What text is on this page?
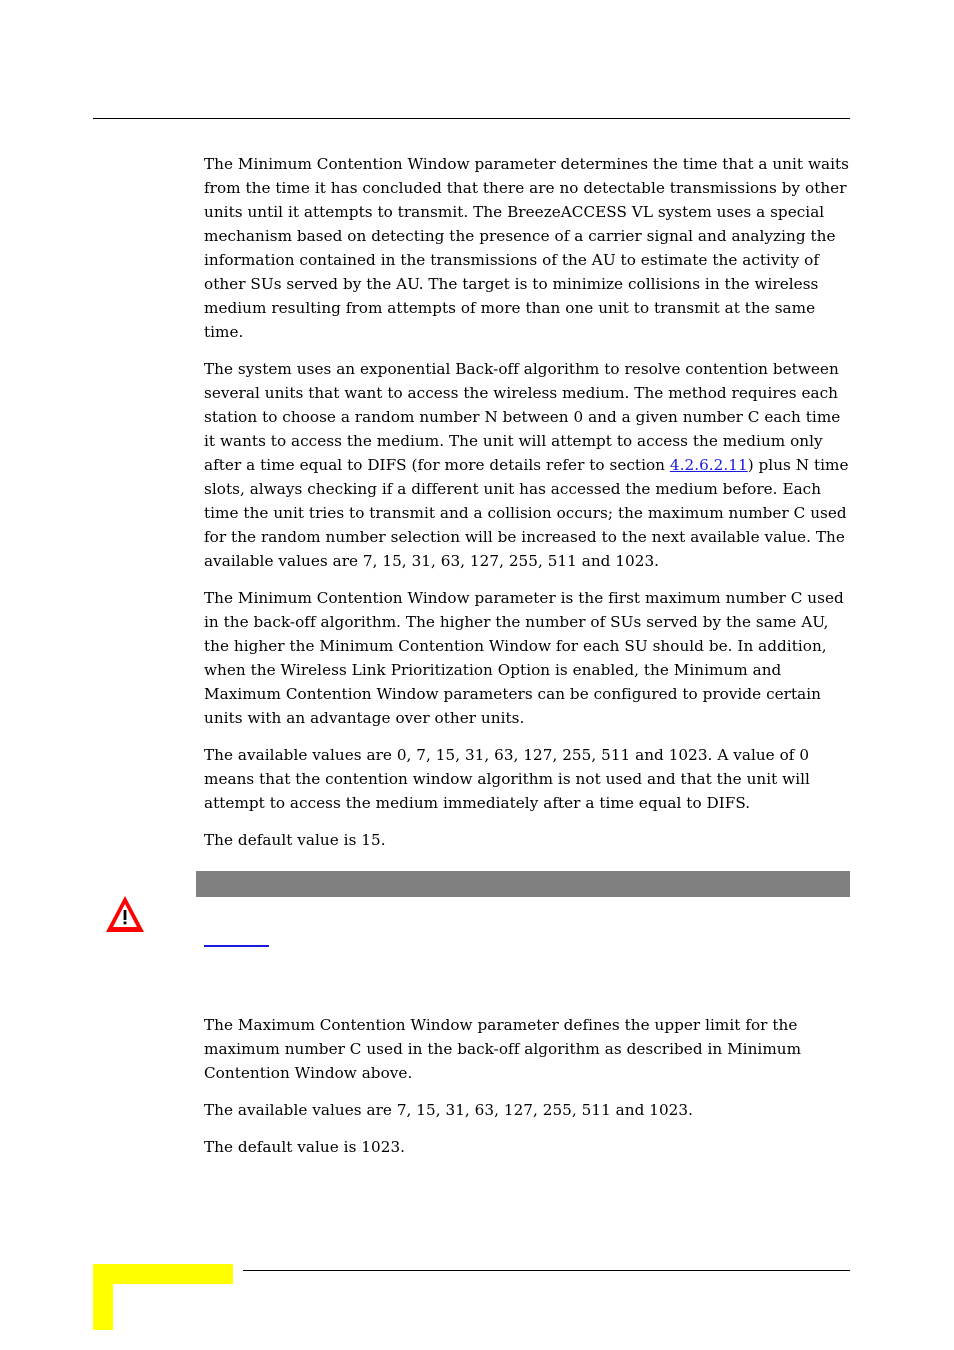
The Minimum Contention Window parameter determines the time that a unit waits from the time it has concluded that there are no detectable transmissions by other units until it attempts to transmit. The BreezeACCESS VL system uses a special mechanism based on detecting the presence of a carrier signal and analyzing the information contained in the transmissions of the AU to estimate the activity of other SUs served by the AU. The target is to minimize collisions in the wireless medium resulting from attempts of more than one unit to transmit at the same time.

The system uses an exponential Back-off algorithm to resolve contention between several units that want to access the wireless medium. The method requires each station to choose a random number N between 0 and a given number C each time it wants to access the medium. The unit will attempt to access the medium only after a time equal to DIFS (for more details refer to section 4.2.6.2.11) plus N time slots, always checking if a different unit has accessed the medium before. Each time the unit tries to transmit and a collision occurs; the maximum number C used for the random number selection will be increased to the next available value. The available values are 7, 15, 31, 63, 127, 255, 511 and 1023.

The Minimum Contention Window parameter is the first maximum number C used in the back-off algorithm. The higher the number of SUs served by the same AU, the higher the Minimum Contention Window for each SU should be. In addition, when the Wireless Link Prioritization Option is enabled, the Minimum and Maximum Contention Window parameters can be configured to provide certain units with an advantage over other units.

The available values are 0, 7, 15, 31, 63, 127, 255, 511 and 1023. A value of 0 means that the contention window algorithm is not used and that the unit will attempt to access the medium immediately after a time equal to DIFS.

The default value is 15.

The Maximum Contention Window parameter defines the upper limit for the maximum number C used in the back-off algorithm as described in Minimum Contention Window above.

The available values are 7, 15, 31, 63, 127, 255, 511 and 1023.

The default value is 1023.
